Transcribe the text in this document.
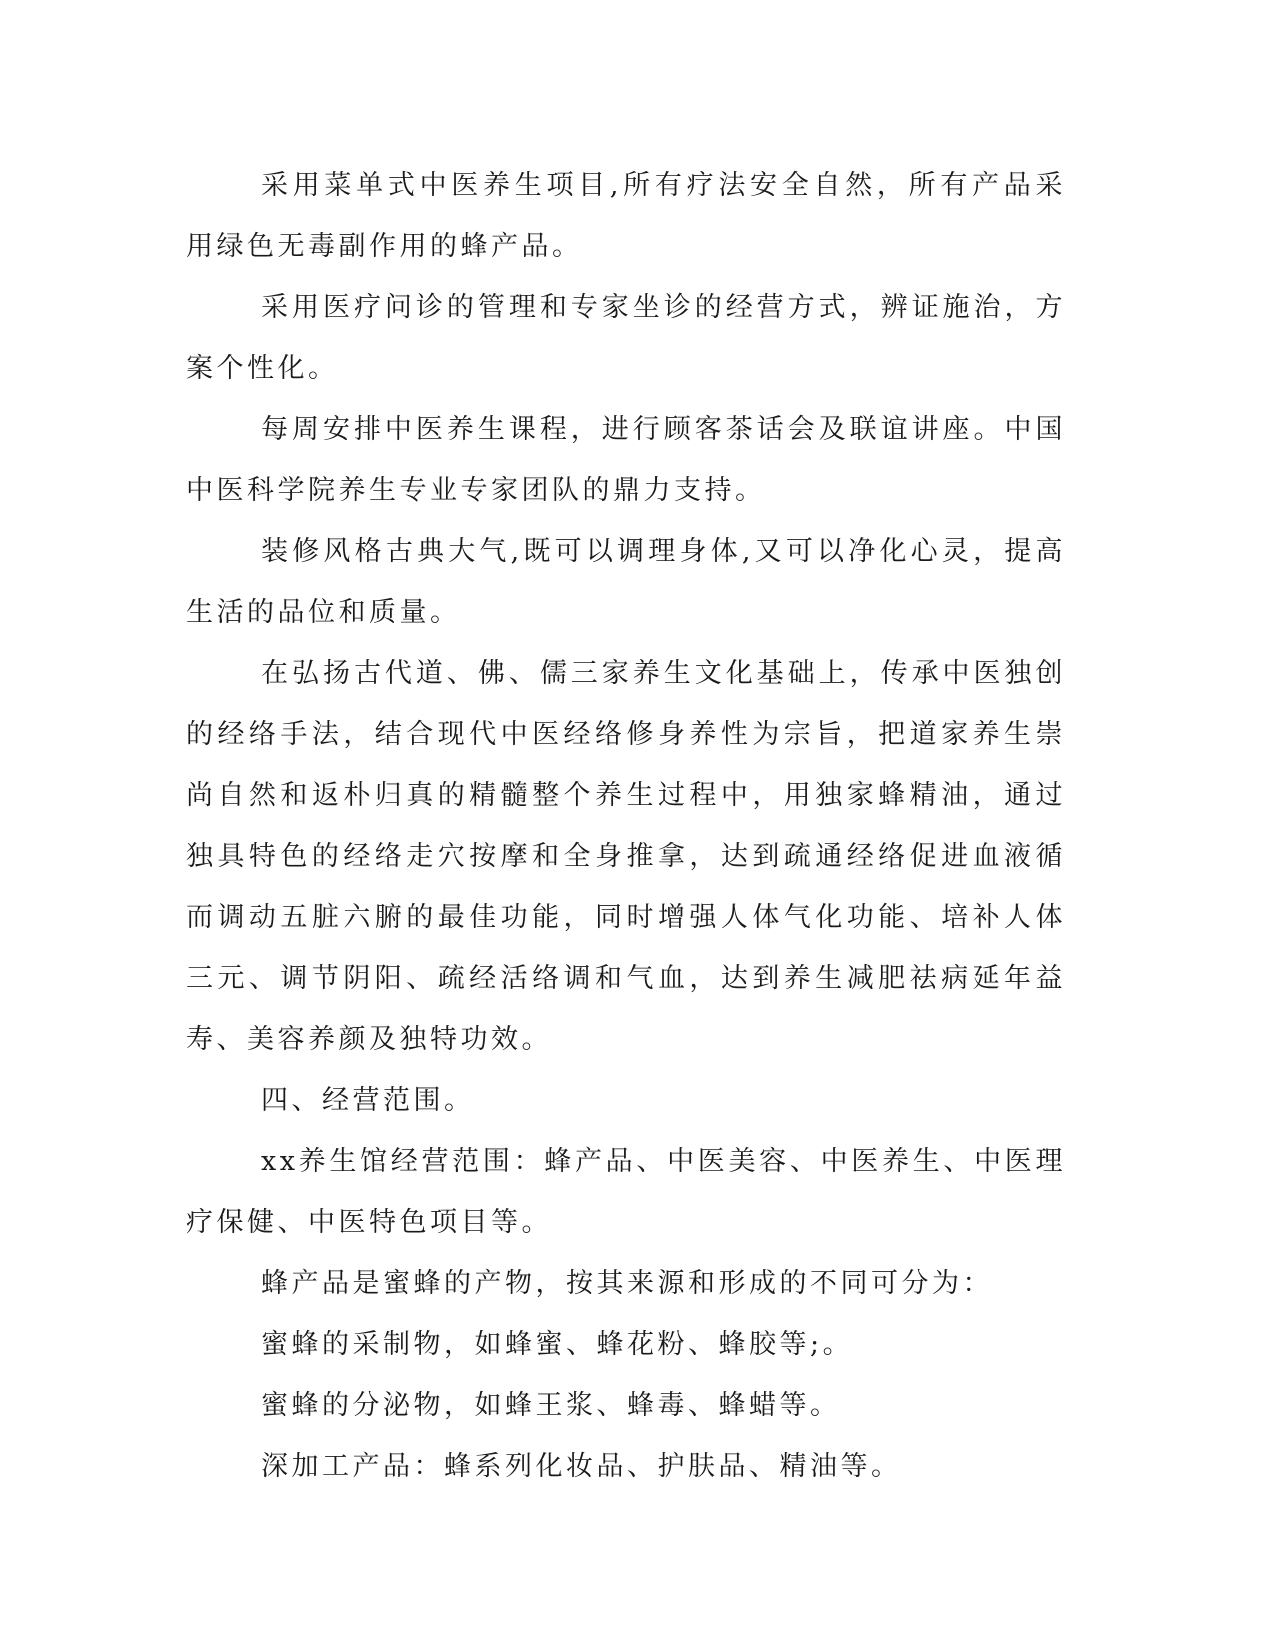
采用菜单式中医养生项目,所有疗法安全自然，所有产品采用绿色无毒副作用的蜂产品。

采用医疗问诊的管理和专家坐诊的经营方式，辨证施治，方案个性化。

每周安排中医养生课程，进行顾客茶话会及联谊讲座。中国中医科学院养生专业专家团队的鼎力支持。

装修风格古典大气,既可以调理身体,又可以净化心灵，提高生活的品位和质量。

在弘扬古代道、佛、儒三家养生文化基础上，传承中医独创的经络手法，结合现代中医经络修身养性为宗旨，把道家养生崇尚自然和返朴归真的精髓整个养生过程中，用独家蜂精油，通过独具特色的经络走穴按摩和全身推拿，达到疏通经络促进血液循而调动五脏六腑的最佳功能，同时增强人体气化功能、培补人体三元、调节阴阳、疏经活络调和气血，达到养生减肥祛病延年益寿、美容养颜及独特功效。

四、经营范围。

xx养生馆经营范围：蜂产品、中医美容、中医养生、中医理疗保健、中医特色项目等。

蜂产品是蜜蜂的产物，按其来源和形成的不同可分为：

蜜蜂的采制物，如蜂蜜、蜂花粉、蜂胶等;。

蜜蜂的分泌物，如蜂王浆、蜂毒、蜂蜡等。

深加工产品：蜂系列化妆品、护肤品、精油等。
